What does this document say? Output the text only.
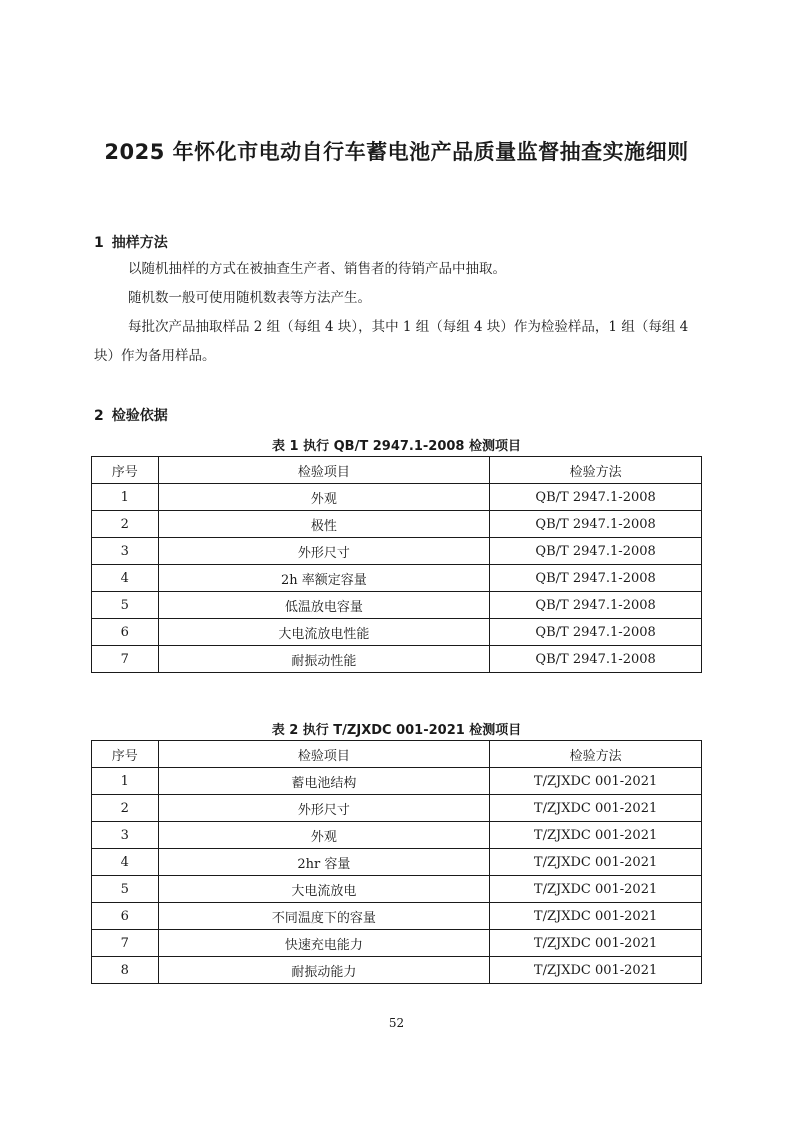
2025 年怀化市电动自行车蓄电池产品质量监督抽查实施细则
1 抽样方法

以随机抽样的方式在被抽查生产者、销售者的待销产品中抽取。

随机数一般可使用随机数表等方法产生。

每批次产品抽取样品 2 组（每组 4 块），其中 1 组（每组 4 块）作为检验样品，1 组（每组 4 块）作为备用样品。

2 检验依据

表 1 执行 QB/T 2947.1-2008 检测项目

序号	检验项目	检验方法
1	外观	QB/T 2947.1-2008
2	极性	QB/T 2947.1-2008
3	外形尺寸	QB/T 2947.1-2008
4	2h 率额定容量	QB/T 2947.1-2008
5	低温放电容量	QB/T 2947.1-2008
6	大电流放电性能	QB/T 2947.1-2008
7	耐振动性能	QB/T 2947.1-2008

表 2 执行 T/ZJXDC 001-2021 检测项目

序号	检验项目	检验方法
1	蓄电池结构	T/ZJXDC 001-2021
2	外形尺寸	T/ZJXDC 001-2021
3	外观	T/ZJXDC 001-2021
4	2hr 容量	T/ZJXDC 001-2021
5	大电流放电	T/ZJXDC 001-2021
6	不同温度下的容量	T/ZJXDC 001-2021
7	快速充电能力	T/ZJXDC 001-2021
8	耐振动能力	T/ZJXDC 001-2021

52
